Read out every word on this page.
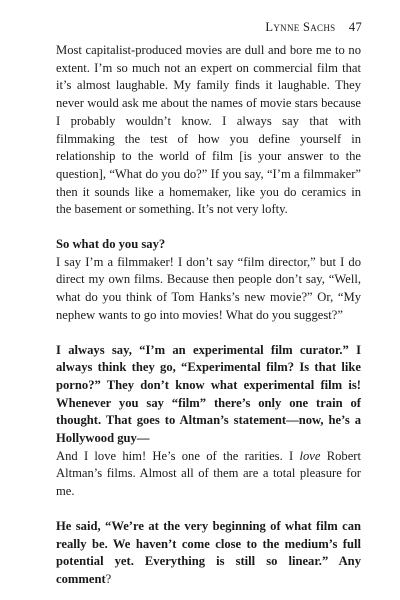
Lynne Sachs 47

Most capitalist-produced movies are dull and bore me to no extent. I’m so much not an expert on commercial film that it’s almost laughable. My family finds it laughable. They never would ask me about the names of movie stars because I probably wouldn’t know. I always say that with filmmaking the test of how you define yourself in relationship to the world of film [is your answer to the question], “What do you do?” If you say, “I’m a filmmaker” then it sounds like a homemaker, like you do ceramics in the basement or something. It’s not very lofty.

So what do you say?

I say I’m a filmmaker! I don’t say “film director,” but I do direct my own films. Because then people don’t say, “Well, what do you think of Tom Hanks’s new movie?” Or, “My nephew wants to go into movies! What do you suggest?”

I always say, “I’m an experimental film curator.” I always think they go, “Experimental film? Is that like porno?” They don’t know what experimental film is! Whenever you say “film” there’s only one train of thought. That goes to Altman’s statement—now, he’s a Hollywood guy—

And I love him! He’s one of the rarities. I love Robert Altman’s films. Almost all of them are a total pleasure for me.

He said, “We’re at the very beginning of what film can really be. We haven’t come close to the medium’s full potential yet. Everything is still so linear.” Any comment?
